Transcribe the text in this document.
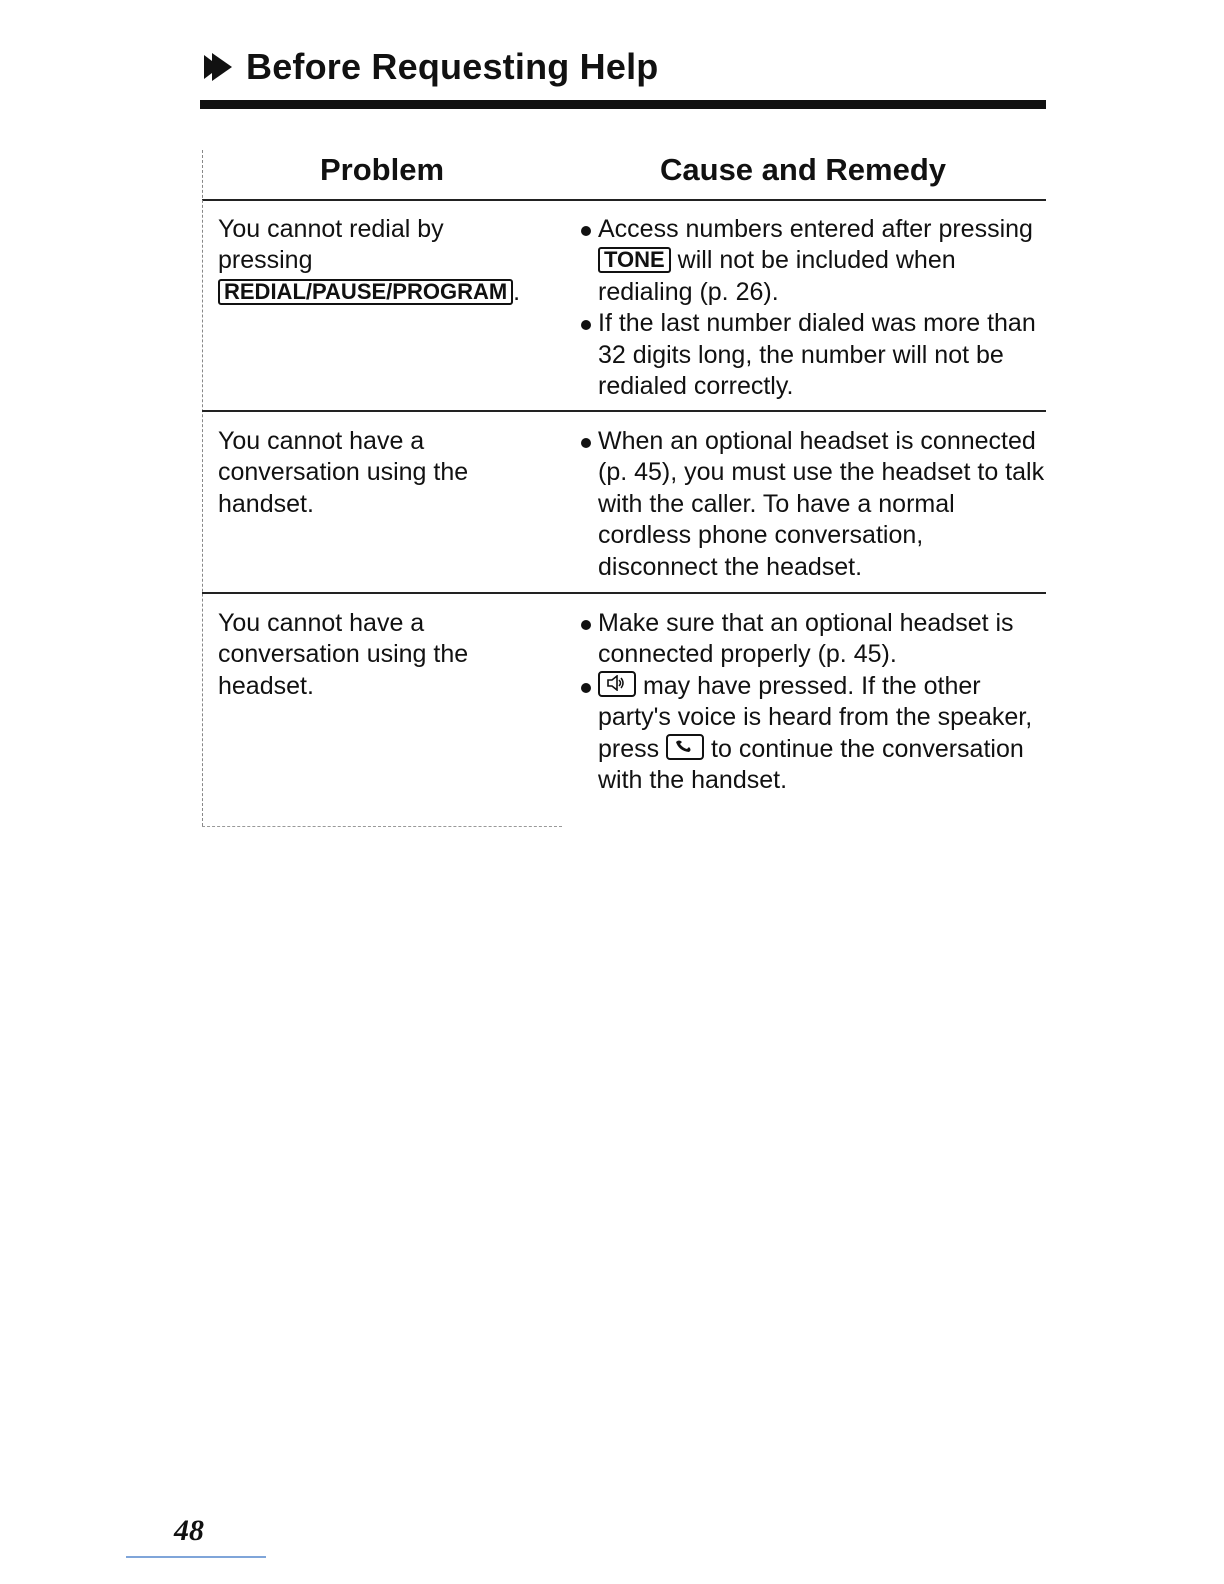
Before Requesting Help
Problem	Cause and Remedy
You cannot redial by
pressing
REDIAL/PAUSE/PROGRAM .
Access numbers entered after pressing TONE will not be included when redialing (p. 26).
If the last number dialed was more than 32 digits long, the number will not be redialed correctly.
You cannot have a conversation using the handset.
When an optional headset is connected (p. 45), you must use the headset to talk with the caller. To have a normal cordless phone conversation, disconnect the headset.
You cannot have a conversation using the headset.
Make sure that an optional headset is connected properly (p. 45).
may have pressed. If the other party's voice is heard from the speaker, press to continue the conversation with the handset.
48
